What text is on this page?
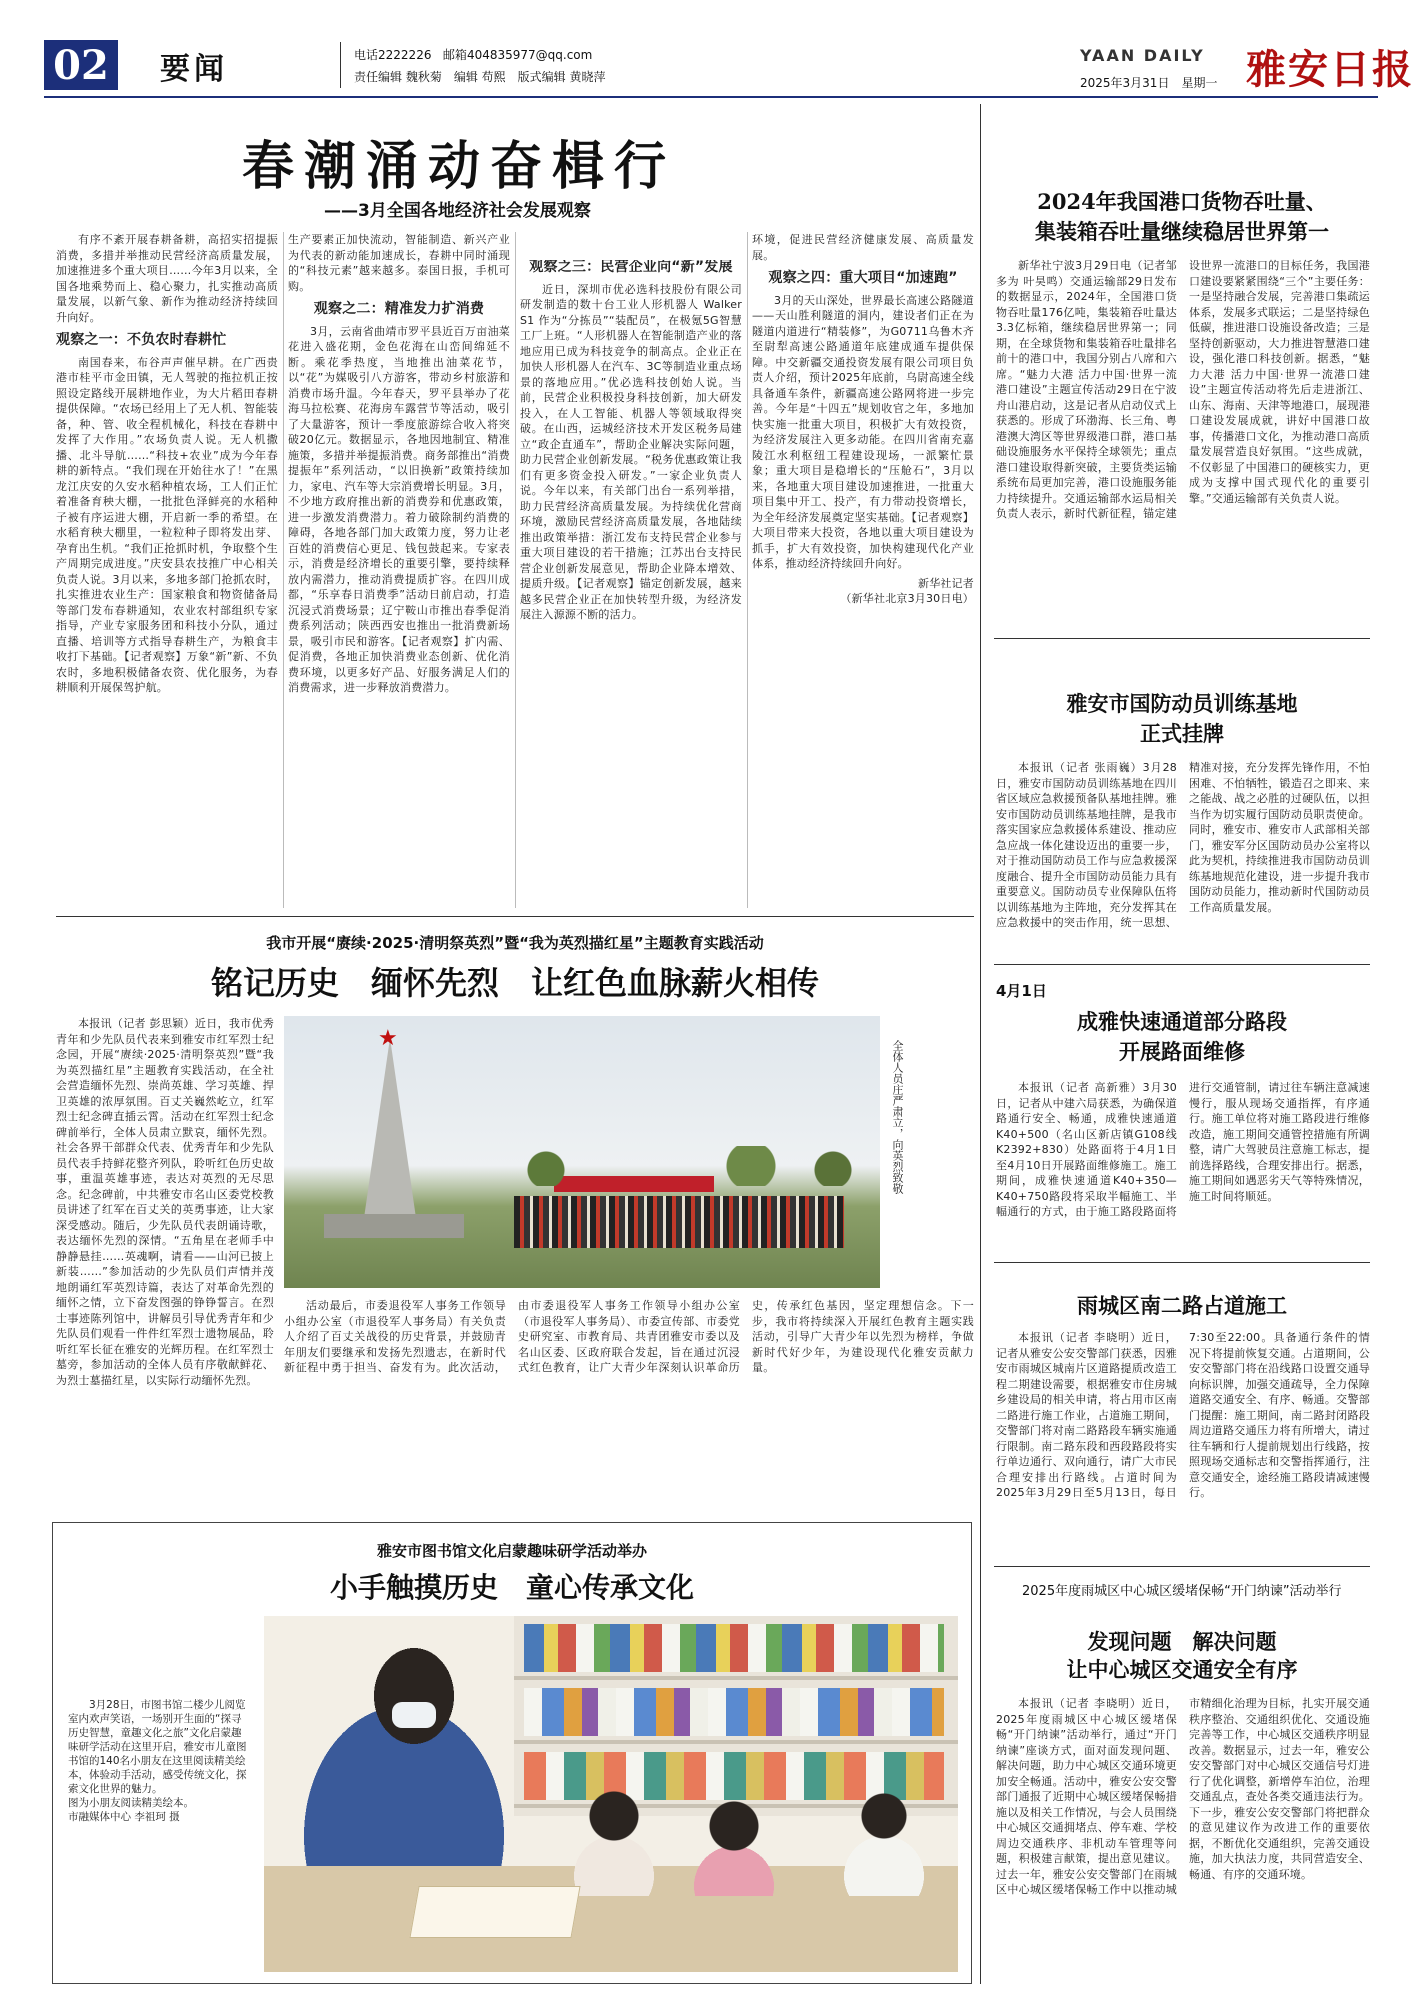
02	要闻	电话2222226 邮箱404835977@qq.com
责任编辑 魏秋菊　编辑 苟熙　版式编辑 黄晓萍
YAAN DAILY
2025年3月31日　星期一 雅安日报
春潮涌动奋楫行
——3月全国各地经济社会发展观察

有序不紊开展春耕备耕，高招实招提振消费，多措并举推动民营经济高质量发展，加速推进多个重大项目……今年3月以来，全国各地乘势而上、稳心聚力，扎实推动高质量发展，以新气象、新作为推动经济持续回升向好。

观察之一：不负农时春耕忙

南国春来，布谷声声催早耕。在广西贵港市桂平市金田镇，无人驾驶的拖拉机正按照设定路线开展耕地作业，为大片稻田春耕提供保障。“农场已经用上了无人机、智能装备，种、管、收全程机械化，科技在春耕中发挥了大作用。”农场负责人说。无人机撒播、北斗导航……“科技+农业”成为今年春耕的新特点。“我们现在开始往水了！”在黑龙江庆安的久安水稻种植农场，工人们正忙着准备育秧大棚，一批批色泽鲜亮的水稻种子被有序运进大棚，开启新一季的希望。在水稻育秧大棚里，一粒粒种子即将发出芽、孕育出生机。“我们正抢抓时机，争取整个生产周期完成进度。”庆安县农技推广中心相关负责人说。3月以来，多地多部门抢抓农时，扎实推进农业生产：国家粮食和物资储备局等部门发布春耕通知，农业农村部组织专家指导，产业专家服务团和科技小分队，通过直播、培训等方式指导春耕生产，为粮食丰收打下基础。【记者观察】万象“新”新、不负农时，多地积极储备农资、优化服务，为春耕顺利开展保驾护航。

生产要素正加快流动，智能制造、新兴产业为代表的新动能加速成长，春耕中同时涌现的“科技元素”越来越多。泰国日报，手机可购。

观察之二：精准发力扩消费

3月，云南省曲靖市罗平县近百万亩油菜花进入盛花期，金色花海在山峦间绵延不断。乘花季热度，当地推出油菜花节，以“花”为媒吸引八方游客，带动乡村旅游和消费市场升温。今年春天，罗平县举办了花海马拉松赛、花海房车露营节等活动，吸引了大量游客，预计一季度旅游综合收入将突破20亿元。数据显示，各地因地制宜、精准施策，多措并举提振消费。商务部推出“消费提振年”系列活动，“以旧换新”政策持续加力，家电、汽车等大宗消费增长明显。3月，不少地方政府推出新的消费券和优惠政策，进一步激发消费潜力。着力破除制约消费的障碍，各地各部门加大政策力度，努力让老百姓的消费信心更足、钱包鼓起来。专家表示，消费是经济增长的重要引擎，要持续释放内需潜力，推动消费提质扩容。在四川成都，“乐享春日消费季”活动日前启动，打造沉浸式消费场景；辽宁鞍山市推出春季促消费系列活动；陕西西安也推出一批消费新场景，吸引市民和游客。【记者观察】扩内需、促消费，各地正加快消费业态创新、优化消费环境，以更多好产品、好服务满足人们的消费需求，进一步释放消费潜力。

观察之三：民营企业向“新”发展

近日，深圳市优必选科技股份有限公司研发制造的数十台工业人形机器人 Walker S1 作为“分拣员”“装配员”，在极氪5G智慧工厂上班。“人形机器人在智能制造产业的落地应用已成为科技竞争的制高点。企业正在加快人形机器人在汽车、3C等制造业重点场景的落地应用。”优必选科技创始人说。当前，民营企业积极投身科技创新，加大研发投入，在人工智能、机器人等领域取得突破。在山西，运城经济技术开发区税务局建立“政企直通车”，帮助企业解决实际问题，助力民营企业创新发展。“税务优惠政策让我们有更多资金投入研发。”一家企业负责人说。今年以来，有关部门出台一系列举措，助力民营经济高质量发展。为持续优化营商环境，激励民营经济高质量发展，各地陆续推出政策举措：浙江发布支持民营企业参与重大项目建设的若干措施；江苏出台支持民营企业创新发展意见，帮助企业降本增效、提质升级。【记者观察】锚定创新发展，越来越多民营企业正在加快转型升级，为经济发展注入源源不断的活力。

环境，促进民营经济健康发展、高质量发展。

观察之四：重大项目“加速跑”

3月的天山深处，世界最长高速公路隧道——天山胜利隧道的洞内，建设者们正在为隧道内道进行“精装修”，为G0711乌鲁木齐至尉犁高速公路通道年底建成通车提供保障。中交新疆交通投资发展有限公司项目负责人介绍，预计2025年底前，乌尉高速全线具备通车条件，新疆高速公路网将进一步完善。今年是“十四五”规划收官之年，多地加快实施一批重大项目，积极扩大有效投资，为经济发展注入更多动能。在四川省南充嘉陵江水利枢纽工程建设现场，一派繁忙景象；重大项目是稳增长的“压舱石”，3月以来，各地重大项目建设加速推进，一批重大项目集中开工、投产，有力带动投资增长，为全年经济发展奠定坚实基础。【记者观察】大项目带来大投资，各地以重大项目建设为抓手，扩大有效投资，加快构建现代化产业体系，推动经济持续回升向好。

新华社记者
（新华社北京3月30日电）

2024年我国港口货物吞吐量、
集装箱吞吐量继续稳居世界第一

新华社宁波3月29日电（记者邹多为 叶昊鸣）交通运输部29日发布的数据显示，2024年，全国港口货物吞吐量176亿吨，集装箱吞吐量达3.3亿标箱，继续稳居世界第一；同期，在全球货物和集装箱吞吐量排名前十的港口中，我国分别占八席和六席。“魅力大港 活力中国·世界一流港口建设”主题宣传活动29日在宁波舟山港启动，这是记者从启动仪式上获悉的。形成了环渤海、长三角、粤港澳大湾区等世界级港口群，港口基础设施服务水平保持全球领先；重点港口建设取得新突破，主要货类运输系统布局更加完善，港口设施服务能力持续提升。交通运输部水运局相关负责人表示，新时代新征程，锚定建设世界一流港口的目标任务，我国港口建设要紧紧围绕“三个”主要任务：一是坚持融合发展，完善港口集疏运体系，发展多式联运；二是坚持绿色低碳，推进港口设施设备改造；三是坚持创新驱动，大力推进智慧港口建设，强化港口科技创新。据悉，“魅力大港 活力中国·世界一流港口建设”主题宣传活动将先后走进浙江、山东、海南、天津等地港口，展现港口建设发展成就，讲好中国港口故事，传播港口文化，为推动港口高质量发展营造良好氛围。“这些成就，不仅彰显了中国港口的硬核实力，更成为支撑中国式现代化的重要引擎。”交通运输部有关负责人说。

雅安市国防动员训练基地
正式挂牌

本报讯（记者 张雨巍）3月28日，雅安市国防动员训练基地在四川省区域应急救援预备队基地挂牌。雅安市国防动员训练基地挂牌，是我市落实国家应急救援体系建设、推动应急应战一体化建设迈出的重要一步，对于推动国防动员工作与应急救援深度融合、提升全市国防动员能力具有重要意义。国防动员专业保障队伍将以训练基地为主阵地，充分发挥其在应急救援中的突击作用，统一思想、精准对接，充分发挥先锋作用，不怕困难、不怕牺牲，锻造召之即来、来之能战、战之必胜的过硬队伍，以担当作为切实履行国防动员职责使命。同时，雅安市、雅安市人武部相关部门，雅安军分区国防动员办公室将以此为契机，持续推进我市国防动员训练基地规范化建设，进一步提升我市国防动员能力，推动新时代国防动员工作高质量发展。

4月1日
成雅快速通道部分路段
开展路面维修

本报讯（记者 高新雅）3月30日，记者从中建六局获悉，为确保道路通行安全、畅通，成雅快速通道K40+500（名山区新店镇G108线K2392+830）处路面将于4月1日至4月10日开展路面维修施工。施工期间，成雅快速通道K40+350—K40+750路段将采取半幅施工、半幅通行的方式，由于施工路段路面将进行交通管制，请过往车辆注意减速慢行，服从现场交通指挥，有序通行。施工单位将对施工路段进行维修改造，施工期间交通管控措施有所调整，请广大驾驶员注意施工标志，提前选择路线，合理安排出行。据悉，施工期间如遇恶劣天气等特殊情况，施工时间将顺延。

雨城区南二路占道施工

本报讯（记者 李晓明）近日，记者从雅安公安交警部门获悉，因雅安市雨城区城南片区道路提质改造工程二期建设需要，根据雅安市住房城乡建设局的相关申请，将占用市区南二路进行施工作业，占道施工期间，交警部门将对南二路路段车辆实施通行限制。南二路东段和西段路段将实行单边通行、双向通行，请广大市民合理安排出行路线。占道时间为2025年3月29日至5月13日，每日7:30至22:00。具备通行条件的情况下将提前恢复交通。占道期间，公安交警部门将在沿线路口设置交通导向标识牌，加强交通疏导，全力保障道路交通安全、有序、畅通。交警部门提醒：施工期间，南二路封闭路段周边道路交通压力将有所增大，请过往车辆和行人提前规划出行线路，按照现场交通标志和交警指挥通行，注意交通安全，途经施工路段请减速慢行。

2025年度雨城区中心城区缓堵保畅“开门纳谏”活动举行
发现问题　解决问题
让中心城区交通安全有序

本报讯（记者 李晓明）近日，2025年度雨城区中心城区缓堵保畅“开门纳谏”活动举行，通过“开门纳谏”座谈方式，面对面发现问题、解决问题，助力中心城区交通环境更加安全畅通。活动中，雅安公安交警部门通报了近期中心城区缓堵保畅措施以及相关工作情况，与会人员围绕中心城区交通拥堵点、停车难、学校周边交通秩序、非机动车管理等问题，积极建言献策，提出意见建议。过去一年，雅安公安交警部门在雨城区中心城区缓堵保畅工作中以推动城市精细化治理为目标，扎实开展交通秩序整治、交通组织优化、交通设施完善等工作，中心城区交通秩序明显改善。数据显示，过去一年，雅安公安交警部门对中心城区交通信号灯进行了优化调整，新增停车泊位，治理交通乱点，查处各类交通违法行为。下一步，雅安公安交警部门将把群众的意见建议作为改进工作的重要依据，不断优化交通组织，完善交通设施，加大执法力度，共同营造安全、畅通、有序的交通环境。

我市开展“赓续·2025·清明祭英烈”暨“我为英烈描红星”主题教育实践活动
铭记历史　缅怀先烈　让红色血脉薪火相传

本报讯（记者 彭思颖）近日，我市优秀青年和少先队员代表来到雅安市红军烈士纪念园，开展“赓续·2025·清明祭英烈”暨“我为英烈描红星”主题教育实践活动，在全社会营造缅怀先烈、崇尚英雄、学习英雄、捍卫英雄的浓厚氛围。百丈关巍然屹立，红军烈士纪念碑直插云霄。活动在红军烈士纪念碑前举行，全体人员肃立默哀，缅怀先烈。社会各界干部群众代表、优秀青年和少先队员代表手持鲜花整齐列队，聆听红色历史故事，重温英雄事迹，表达对英烈的无尽思念。纪念碑前，中共雅安市名山区委党校教员讲述了红军在百丈关的英勇事迹，让大家深受感动。随后，少先队员代表朗诵诗歌，表达缅怀先烈的深情。“五角星在老师手中静静悬挂……英魂啊，请看——山河已披上新装……”参加活动的少先队员们声情并茂地朗诵红军英烈诗篇，表达了对革命先烈的缅怀之情，立下奋发图强的铮铮誓言。在烈士事迹陈列馆中，讲解员引导优秀青年和少先队员们观看一件件红军烈士遗物展品，聆听红军长征在雅安的光辉历程。在红军烈士墓旁，参加活动的全体人员有序敬献鲜花、为烈士墓描红星，以实际行动缅怀先烈。

★
全体人员庄严肃立，向英烈致敬

活动最后，市委退役军人事务工作领导小组办公室（市退役军人事务局）有关负责人介绍了百丈关战役的历史背景，并鼓励青年朋友们要继承和发扬先烈遗志，在新时代新征程中勇于担当、奋发有为。此次活动，由市委退役军人事务工作领导小组办公室（市退役军人事务局）、市委宣传部、市委党史研究室、市教育局、共青团雅安市委以及名山区委、区政府联合发起，旨在通过沉浸式红色教育，让广大青少年深刻认识革命历史，传承红色基因，坚定理想信念。下一步，我市将持续深入开展红色教育主题实践活动，引导广大青少年以先烈为榜样，争做新时代好少年，为建设现代化雅安贡献力量。

雅安市图书馆文化启蒙趣味研学活动举办
小手触摸历史　童心传承文化
3月28日，市图书馆二楼少儿阅览室内欢声笑语，一场别开生面的“探寻历史智慧，童趣文化之旅”文化启蒙趣味研学活动在这里开启，雅安市儿童图书馆的140名小朋友在这里阅读精美绘本，体验动手活动，感受传统文化，探索文化世界的魅力。
图为小朋友阅读精美绘本。
市融媒体中心 李祖珂 摄
